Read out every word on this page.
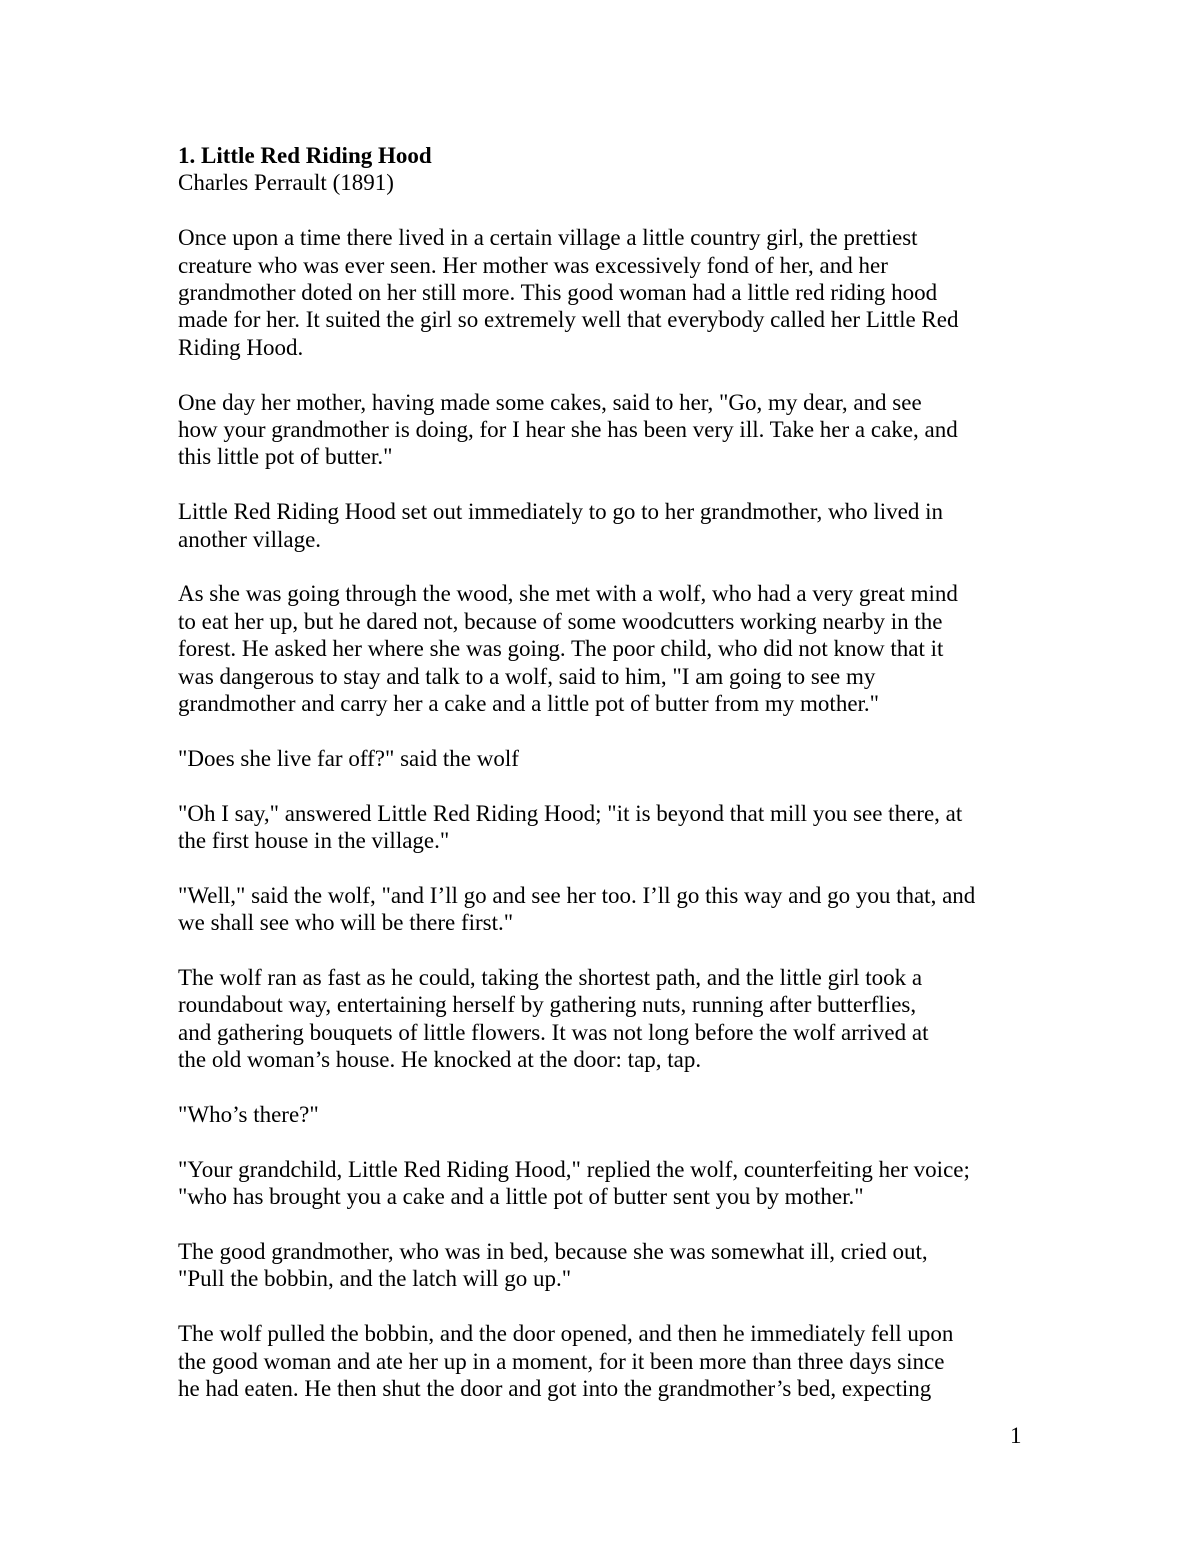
1. Little Red Riding Hood
Charles Perrault (1891)
Once upon a time there lived in a certain village a little country girl, the prettiest
creature who was ever seen. Her mother was excessively fond of her, and her
grandmother doted on her still more. This good woman had a little red riding hood
made for her. It suited the girl so extremely well that everybody called her Little Red
Riding Hood.
One day her mother, having made some cakes, said to her, "Go, my dear, and see
how your grandmother is doing, for I hear she has been very ill. Take her a cake, and
this little pot of butter."
Little Red Riding Hood set out immediately to go to her grandmother, who lived in
another village.
As she was going through the wood, she met with a wolf, who had a very great mind
to eat her up, but he dared not, because of some woodcutters working nearby in the
forest. He asked her where she was going. The poor child, who did not know that it
was dangerous to stay and talk to a wolf, said to him, "I am going to see my
grandmother and carry her a cake and a little pot of butter from my mother."
"Does she live far off?" said the wolf
"Oh I say," answered Little Red Riding Hood; "it is beyond that mill you see there, at
the first house in the village."
"Well," said the wolf, "and I’ll go and see her too. I’ll go this way and go you that, and
we shall see who will be there first."
The wolf ran as fast as he could, taking the shortest path, and the little girl took a
roundabout way, entertaining herself by gathering nuts, running after butterflies,
and gathering bouquets of little flowers. It was not long before the wolf arrived at
the old woman’s house. He knocked at the door: tap, tap.
"Who’s there?"
"Your grandchild, Little Red Riding Hood," replied the wolf, counterfeiting her voice;
"who has brought you a cake and a little pot of butter sent you by mother."
The good grandmother, who was in bed, because she was somewhat ill, cried out,
"Pull the bobbin, and the latch will go up."
The wolf pulled the bobbin, and the door opened, and then he immediately fell upon
the good woman and ate her up in a moment, for it been more than three days since
he had eaten. He then shut the door and got into the grandmother’s bed, expecting
1
